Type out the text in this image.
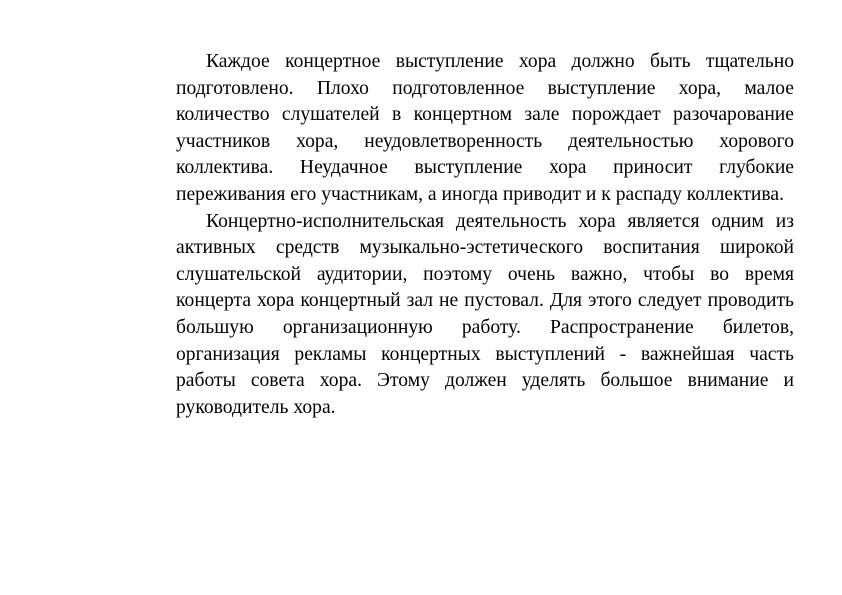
Каждое концертное выступление хора должно быть тщательно подготовлено. Плохо подготовленное выступление хора, малое количество слушателей в концертном зале порождает разочарование участников хора, неудовлетворенность деятельностью хорового коллектива. Неудачное выступление хора приносит глубокие переживания его участникам, а иногда приводит и к распаду коллектива.

Концертно-исполнительская деятельность хора является одним из активных средств музыкально-эстетического воспитания широкой слушательской аудитории, поэтому очень важно, чтобы во время концерта хора концертный зал не пустовал. Для этого следует проводить большую организационную работу. Распространение билетов, организация рекламы концертных выступлений - важнейшая часть работы совета хора. Этому должен уделять большое внимание и руководитель хора.
